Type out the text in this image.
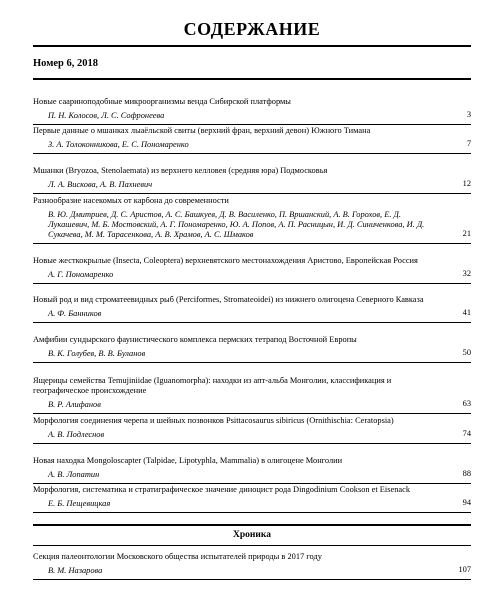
СОДЕРЖАНИЕ
Номер 6, 2018
Новые саариноподобные микроорганизмы венда Сибирской платформы
П. Н. Колосов, Л. С. Софронеева	3
Первые данные о мшанках лыаёльской свиты (верхний фран, верхний девон) Южного Тимана
З. А. Толоконникова, Е. С. Пономаренко	7
Мшанки (Bryozoa, Stenolaemata) из верхнего келловея (средняя юра) Подмосковья
Л. А. Вискова, А. В. Пахневич	12
Разнообразие насекомых от карбона до современности
В. Ю. Дмитриев, Д. С. Аристов, А. С. Башкуев, Д. В. Василенко, П. Вршанский, А. В. Горохов, Е. Д. Лукашевич, М. Б. Мостовский, А. Г. Пономаренко, Ю. А. Попов, А. П. Расницын, И. Д. Синиченкова, И. Д. Сукачева, М. М. Тарасенкова, А. В. Храмов, А. С. Шмаков	21
Новые жесткокрылые (Insecta, Coleoptera) верхневятского местонахождения Аристово, Европейская Россия
А. Г. Пономаренко	32
Новый род и вид строматеевидных рыб (Perciformes, Stromateoidei) из нижнего олигоцена Северного Кавказа
А. Ф. Банников	41
Амфибии сундырского фаунистического комплекса пермских тетрапод Восточной Европы
В. К. Голубев, В. В. Буланов	50
Ящерицы семейства Temujiniidae (Iguanomorpha): находки из апт-альба Монголии, классификация и географическое происхождение
В. Р. Алифанов	63
Морфология соединения черепа и шейных позвонков Psittacosaurus sibiricus (Ornithischia: Ceratopsia)
А. В. Подлеснов	74
Новая находка Mongoloscapter (Talpidae, Lipotyphla, Mammalia) в олигоцене Монголии
А. В. Лопатин	88
Морфология, систематика и стратиграфическое значение диноцист рода Dingodinium Cookson et Eisenack
Е. Б. Пещевицкая	94
Хроника
Секция палеонтологии Московского общества испытателей природы в 2017 году
В. М. Назарова	107
